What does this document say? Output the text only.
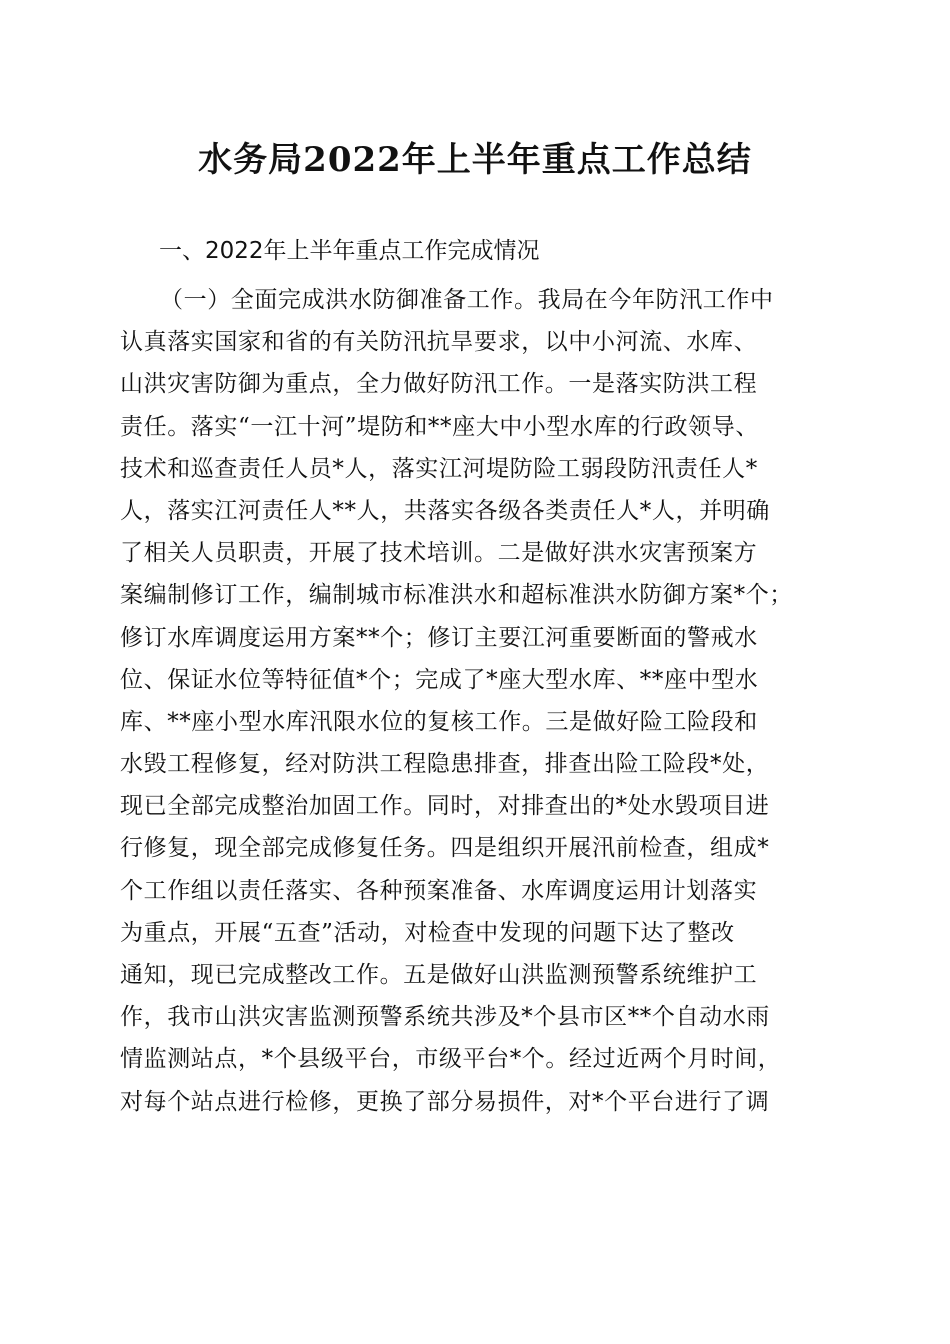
水务局2022年上半年重点工作总结
一、2022年上半年重点工作完成情况
（一）全面完成洪水防御准备工作。我局在今年防汛工作中
认真落实国家和省的有关防汛抗旱要求，以中小河流、水库、
山洪灾害防御为重点，全力做好防汛工作。一是落实防洪工程
责任。落实“一江十河”堤防和**座大中小型水库的行政领导、
技术和巡查责任人员*人，落实江河堤防险工弱段防汛责任人*
人，落实江河责任人**人，共落实各级各类责任人*人，并明确
了相关人员职责，开展了技术培训。二是做好洪水灾害预案方
案编制修订工作，编制城市标准洪水和超标准洪水防御方案*个；
修订水库调度运用方案**个；修订主要江河重要断面的警戒水
位、保证水位等特征值*个；完成了*座大型水库、**座中型水
库、**座小型水库汛限水位的复核工作。三是做好险工险段和
水毁工程修复，经对防洪工程隐患排查，排查出险工险段*处，
现已全部完成整治加固工作。同时，对排查出的*处水毁项目进
行修复，现全部完成修复任务。四是组织开展汛前检查，组成*
个工作组以责任落实、各种预案准备、水库调度运用计划落实
为重点，开展“五查”活动，对检查中发现的问题下达了整改
通知，现已完成整改工作。五是做好山洪监测预警系统维护工
作，我市山洪灾害监测预警系统共涉及*个县市区**个自动水雨
情监测站点，*个县级平台，市级平台*个。经过近两个月时间，
对每个站点进行检修，更换了部分易损件，对*个平台进行了调
